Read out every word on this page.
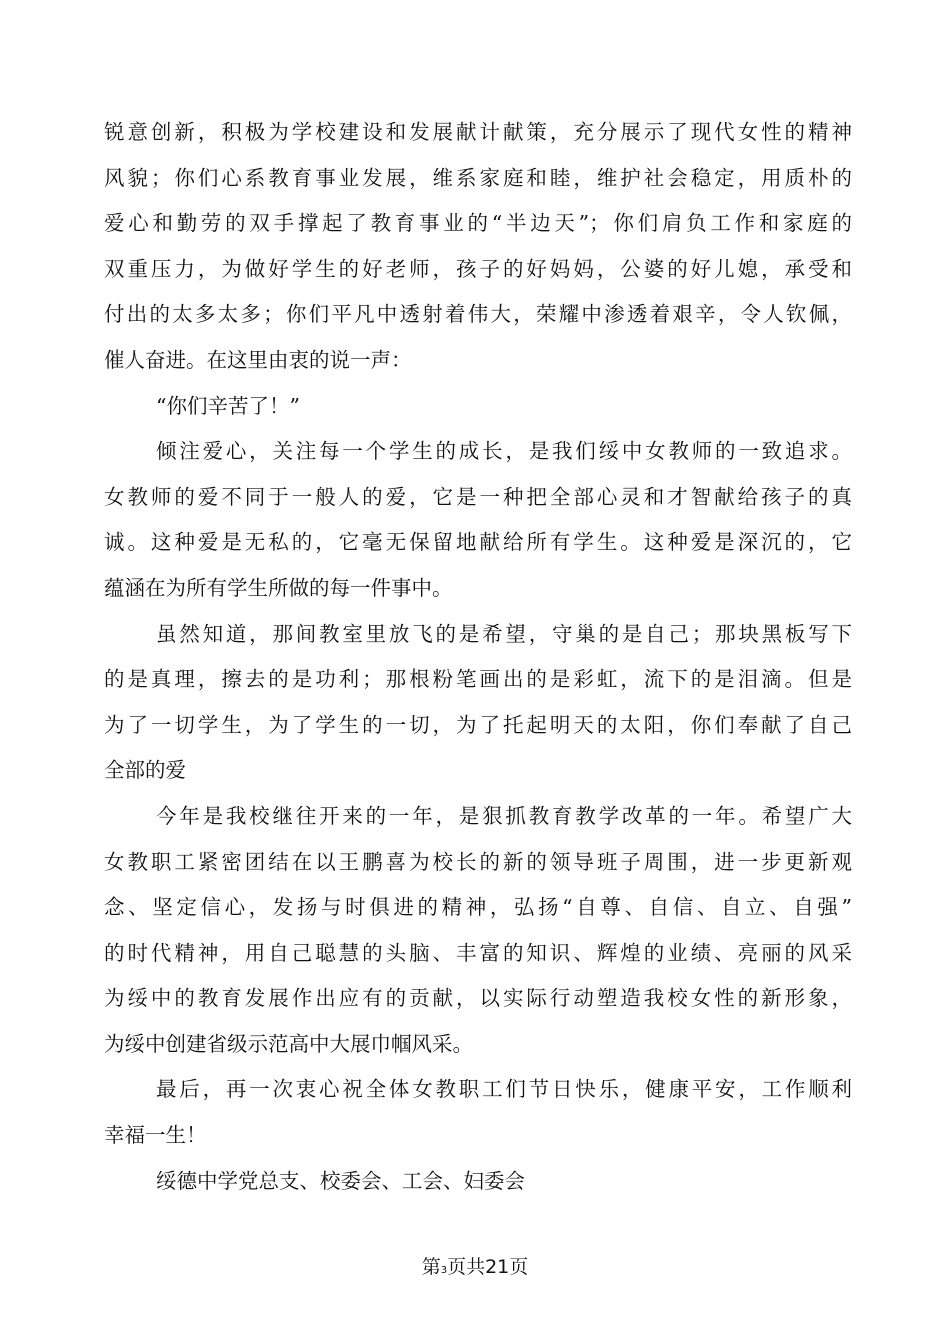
锐意创新，积极为学校建设和发展献计献策，充分展示了现代女性的精神
风貌；你们心系教育事业发展，维系家庭和睦，维护社会稳定，用质朴的
爱心和勤劳的双手撑起了教育事业的“半边天”；你们肩负工作和家庭的
双重压力，为做好学生的好老师，孩子的好妈妈，公婆的好儿媳，承受和
付出的太多太多；你们平凡中透射着伟大，荣耀中渗透着艰辛，令人钦佩，
催人奋进。在这里由衷的说一声：
“你们辛苦了！”
倾注爱心，关注每一个学生的成长，是我们绥中女教师的一致追求。
女教师的爱不同于一般人的爱，它是一种把全部心灵和才智献给孩子的真
诚。这种爱是无私的，它毫无保留地献给所有学生。这种爱是深沉的，它
蕴涵在为所有学生所做的每一件事中。
虽然知道，那间教室里放飞的是希望，守巢的是自己；那块黑板写下
的是真理，擦去的是功利；那根粉笔画出的是彩虹，流下的是泪滴。但是
为了一切学生，为了学生的一切，为了托起明天的太阳，你们奉献了自己
全部的爱
今年是我校继往开来的一年，是狠抓教育教学改革的一年。希望广大
女教职工紧密团结在以王鹏喜为校长的新的领导班子周围，进一步更新观
念、坚定信心，发扬与时俱进的精神，弘扬“自尊、自信、自立、自强”
的时代精神，用自己聪慧的头脑、丰富的知识、辉煌的业绩、亮丽的风采
为绥中的教育发展作出应有的贡献，以实际行动塑造我校女性的新形象，
为绥中创建省级示范高中大展巾帼风采。
最后，再一次衷心祝全体女教职工们节日快乐，健康平安，工作顺利
幸福一生！
绥德中学党总支、校委会、工会、妇委会
第3页共21页
